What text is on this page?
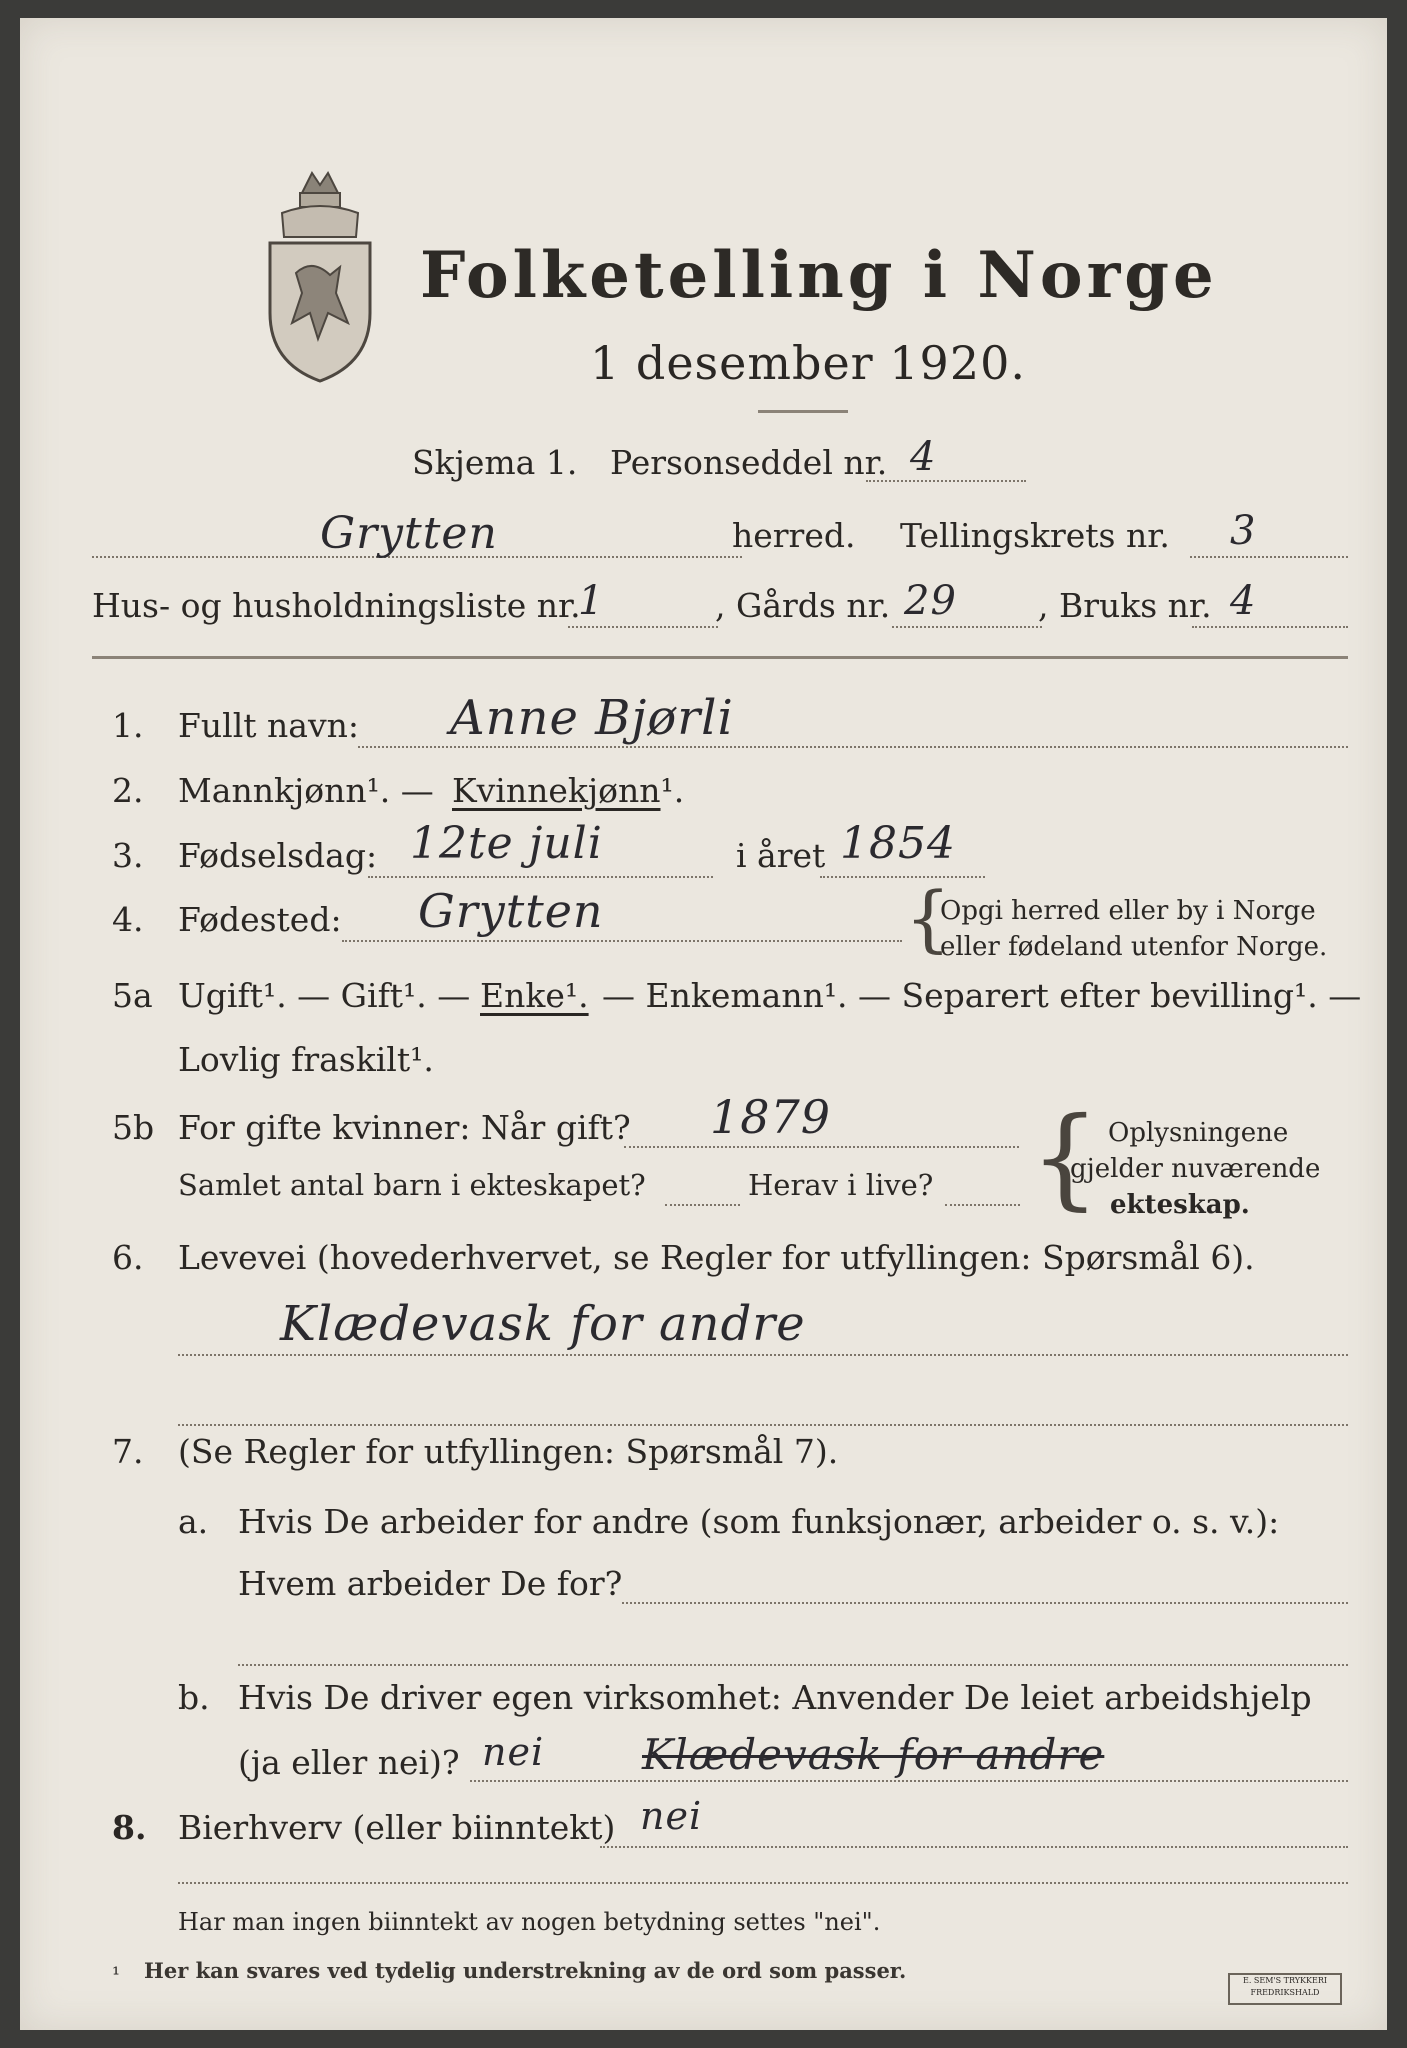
Folketelling i Norge
1 desember 1920.
Skjema 1. Personseddel nr. 4
Grytten	herred. Tellingskrets nr. 3
Hus- og husholdningsliste nr.
1	, Gårds nr. 29 , Bruks nr. 4
1. Fullt navn: Anne Bjørli
2. Mannkjønn¹. — Kvinnekjønn¹.
3. Fødselsdag: 12te juli	i året 1854
4. Fødested: Grytten	{
Opgi herred eller by i Norge
eller fødeland utenfor Norge.
5a Ugift¹. — Gift¹. — Enke¹. — Enkemann¹. — Separert efter bevilling¹. —
Lovlig fraskilt¹.
5b For gifte kvinner: Når gift? 1879
Samlet antal barn i ekteskapet?	Herav i live? { Oplysningene
gjelder nuværende
ekteskap.
6. Levevei (hovederhvervet, se Regler for utfyllingen: Spørsmål 6).
Klædevask for andre
7. (Se Regler for utfyllingen: Spørsmål 7).
a. Hvis De arbeider for andre (som funksjonær, arbeider o. s. v.):
Hvem arbeider De for?
b. Hvis De driver egen virksomhet: Anvender De leiet arbeidshjelp
(ja eller nei)? nei Klædevask for andre
8. Bierhverv (eller biinntekt) nei
Har man ingen biinntekt av nogen betydning settes "nei".
¹ Her kan svares ved tydelig understrekning av de ord som passer.	E. SEM'S TRYKKERI FREDRIKSHALD
